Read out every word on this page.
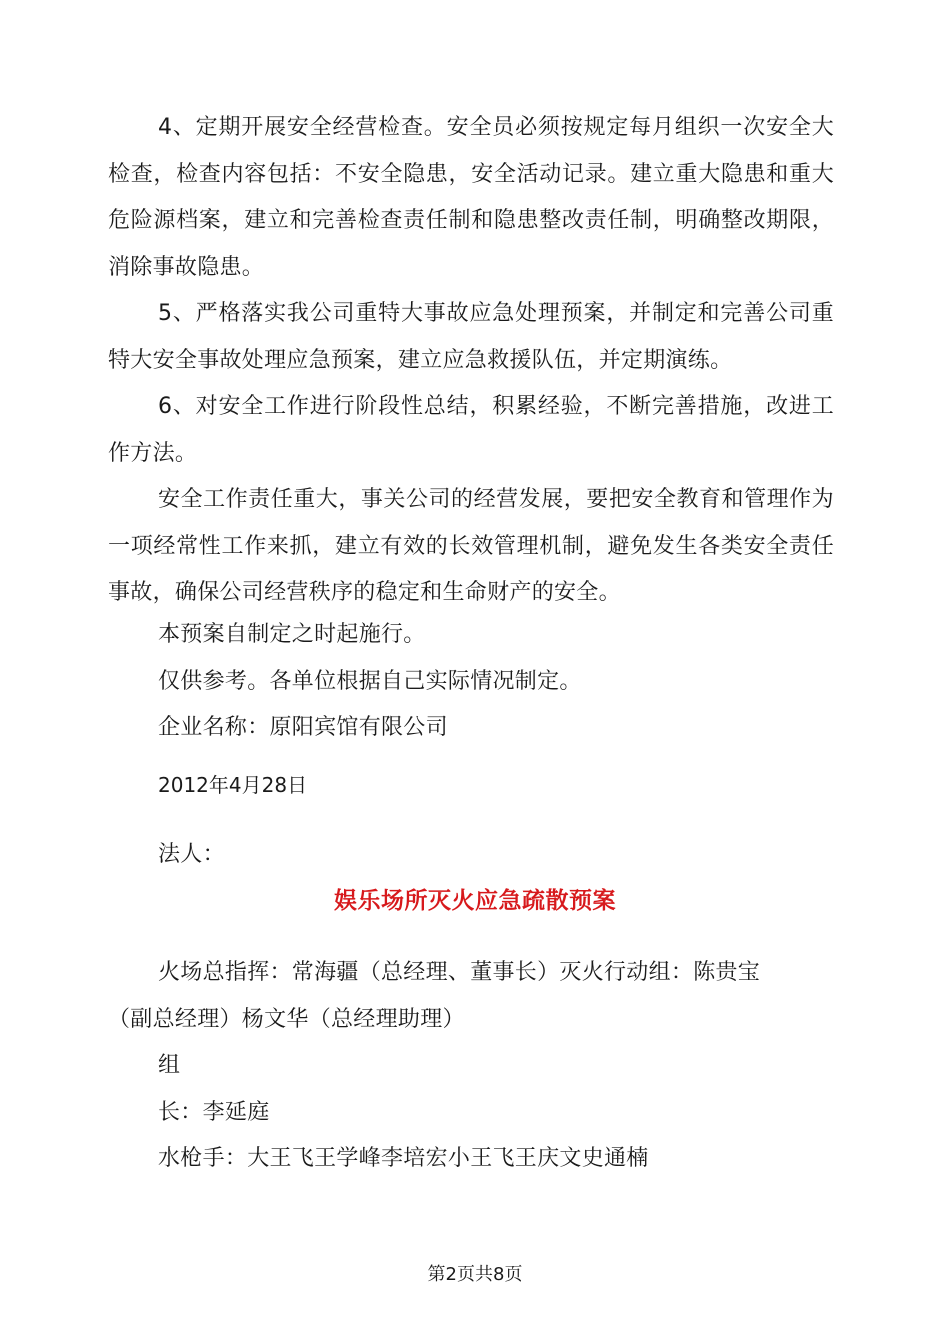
4、定期开展安全经营检查。安全员必须按规定每月组织一次安全大检查，检查内容包括：不安全隐患，安全活动记录。建立重大隐患和重大危险源档案，建立和完善检查责任制和隐患整改责任制，明确整改期限，消除事故隐患。

5、严格落实我公司重特大事故应急处理预案，并制定和完善公司重特大安全事故处理应急预案，建立应急救援队伍，并定期演练。

6、对安全工作进行阶段性总结，积累经验，不断完善措施，改进工作方法。

安全工作责任重大，事关公司的经营发展，要把安全教育和管理作为一项经常性工作来抓，建立有效的长效管理机制，避免发生各类安全责任事故，确保公司经营秩序的稳定和生命财产的安全。

本预案自制定之时起施行。

仅供参考。各单位根据自己实际情况制定。

企业名称：原阳宾馆有限公司

2012年4月28日

法人：

娱乐场所灭火应急疏散预案
火场总指挥：常海疆（总经理、董事长）灭火行动组：陈贵宝
（副总经理）杨文华（总经理助理）
组
长：李延庭
水枪手：大王飞王学峰李培宏小王飞王庆文史通楠

第2页共8页
